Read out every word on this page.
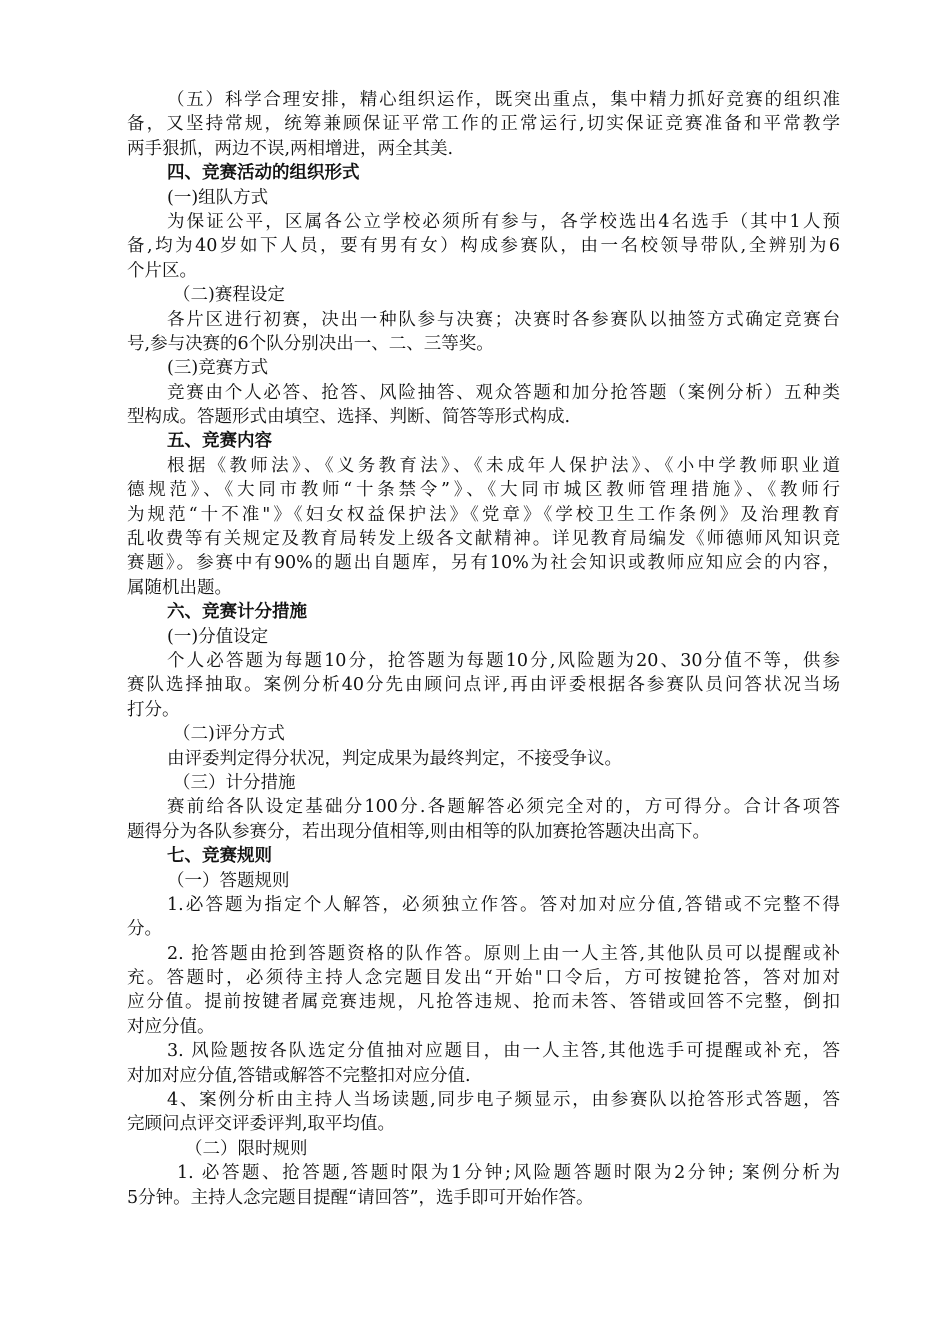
（五）科学合理安排，精心组织运作，既突出重点，集中精力抓好竞赛的组织准
备，又坚持常规，统筹兼顾保证平常工作的正常运行,切实保证竞赛准备和平常教学
两手狠抓，两边不误,两相增进，两全其美.
四、竞赛活动的组织形式
(一)组队方式
为保证公平，区属各公立学校必须所有参与，各学校选出4名选手（其中1人预
备,均为40岁如下人员，要有男有女）构成参赛队，由一名校领导带队,全辨别为6
个片区。
（二)赛程设定
各片区进行初赛，决出一种队参与决赛；决赛时各参赛队以抽签方式确定竞赛台
号,参与决赛的6个队分别决出一、二、三等奖。
(三)竞赛方式
竞赛由个人必答、抢答、风险抽答、观众答题和加分抢答题（案例分析）五种类
型构成。答题形式由填空、选择、判断、简答等形式构成.
五、竞赛内容
根据《教师法》、《义务教育法》、《未成年人保护法》、《小中学教师职业道
德规范》、《大同市教师“十条禁令”》、《大同市城区教师管理措施》、《教师行
为规范“十不准"》《妇女权益保护法》《党章》《学校卫生工作条例》及治理教育
乱收费等有关规定及教育局转发上级各文献精神。详见教育局编发《师德师风知识竞
赛题》。参赛中有90%的题出自题库，另有10%为社会知识或教师应知应会的内容，
属随机出题。
六、竞赛计分措施
(一)分值设定
个人必答题为每题10分，抢答题为每题10分,风险题为20、30分值不等，供参
赛队选择抽取。案例分析40分先由顾问点评,再由评委根据各参赛队员问答状况当场
打分。
（二)评分方式
由评委判定得分状况，判定成果为最终判定，不接受争议。
（三）计分措施
赛前给各队设定基础分100分.各题解答必须完全对的，方可得分。合计各项答
题得分为各队参赛分，若出现分值相等,则由相等的队加赛抢答题决出高下。
七、竞赛规则
（一）答题规则
1.必答题为指定个人解答，必须独立作答。答对加对应分值,答错或不完整不得
分。
2. 抢答题由抢到答题资格的队作答。原则上由一人主答,其他队员可以提醒或补
充。答题时，必须待主持人念完题目发出“开始"口令后，方可按键抢答，答对加对
应分值。提前按键者属竞赛违规，凡抢答违规、抢而未答、答错或回答不完整，倒扣
对应分值。
3. 风险题按各队选定分值抽对应题目，由一人主答,其他选手可提醒或补充，答
对加对应分值,答错或解答不完整扣对应分值.
4、案例分析由主持人当场读题,同步电子频显示，由参赛队以抢答形式答题，答
完顾问点评交评委评判,取平均值。
（二）限时规则
1. 必答题、抢答题,答题时限为1分钟;风险题答题时限为2分钟; 案例分析为
5分钟。主持人念完题目提醒“请回答”，选手即可开始作答。
